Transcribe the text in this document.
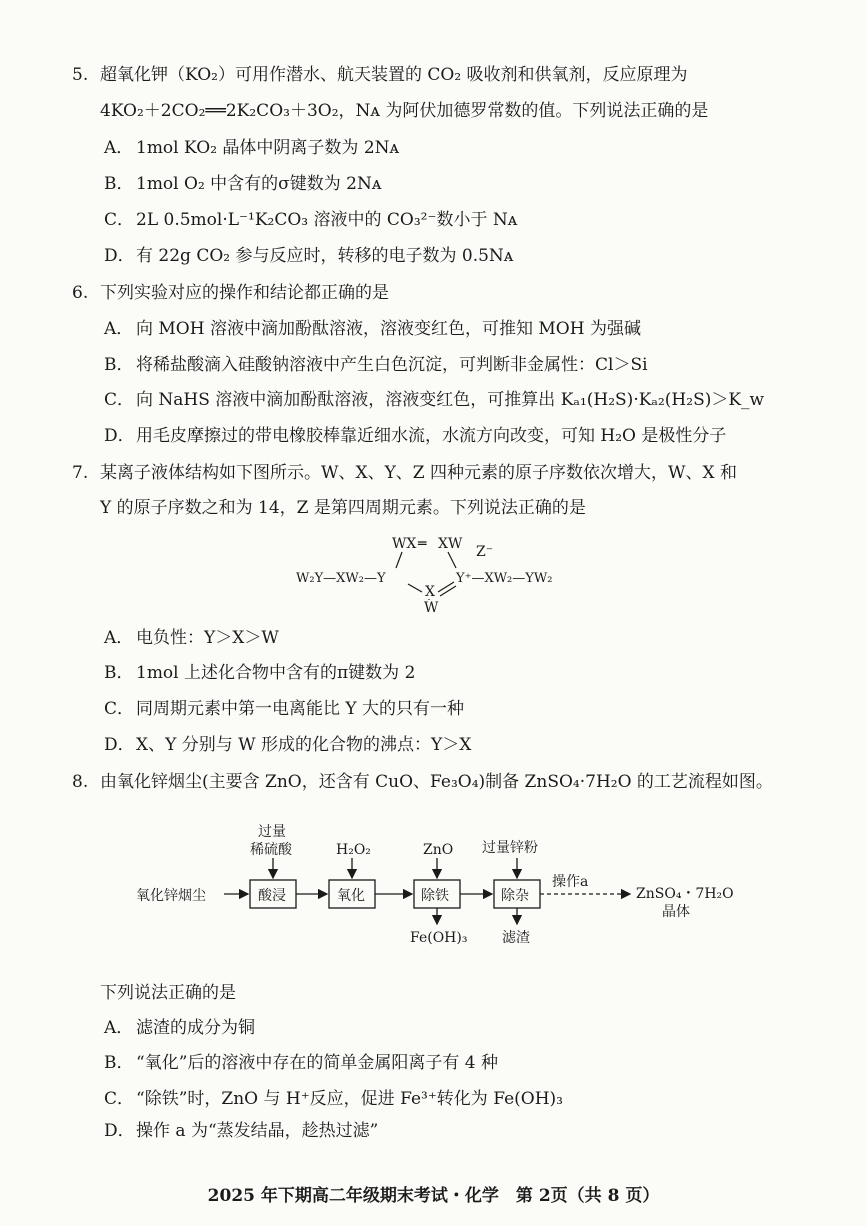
5. 超氧化钾（KO₂）可用作潜水、航天装置的 CO₂ 吸收剂和供氧剂，反应原理为
4KO₂＋2CO₂══2K₂CO₃＋3O₂，Nᴀ 为阿伏加德罗常数的值。下列说法正确的是
A． 1mol KO₂ 晶体中阴离子数为 2Nᴀ
B． 1mol O₂ 中含有的σ键数为 2Nᴀ
C． 2L 0.5mol·L⁻¹K₂CO₃ 溶液中的 CO₃²⁻数小于 Nᴀ
D．有 22g CO₂ 参与反应时，转移的电子数为 0.5Nᴀ
6. 下列实验对应的操作和结论都正确的是
A． 向 MOH 溶液中滴加酚酞溶液，溶液变红色，可推知 MOH 为强碱
B． 将稀盐酸滴入硅酸钠溶液中产生白色沉淀，可判断非金属性：Cl＞Si
C． 向 NaHS 溶液中滴加酚酞溶液，溶液变红色，可推算出 Kₐ₁(H₂S)·Kₐ₂(H₂S)＞K_w
D．用毛皮摩擦过的带电橡胶棒靠近细水流，水流方向改变，可知 H₂O 是极性分子
7. 某离子液体结构如下图所示。W、X、Y、Z 四种元素的原子序数依次增大，W、X 和
Y 的原子序数之和为 14，Z 是第四周期元素。下列说法正确的是
WX ═ XW Z⁻
W₂Y—XW₂—Y	Y⁺—XW₂—YW₂
X
W
A． 电负性：Y＞X＞W
B． 1mol 上述化合物中含有的π键数为 2
C． 同周期元素中第一电离能比 Y 大的只有一种
D．X、Y 分别与 W 形成的化合物的沸点：Y＞X
8. 由氧化锌烟尘(主要含 ZnO，还含有 CuO、Fe₃O₄)制备 ZnSO₄·7H₂O 的工艺流程如图。
氧化锌烟尘
过量
稀硫酸
酸浸
H₂O₂
氧化
ZnO
除铁
Fe(OH)₃
过量锌粉
除杂
滤渣
操作a
ZnSO₄・7H₂O
晶体
下列说法正确的是
A． 滤渣的成分为铜
B． “氧化”后的溶液中存在的简单金属阳离子有 4 种
C． “除铁”时，ZnO 与 H⁺反应，促进 Fe³⁺转化为 Fe(OH)₃
D．操作 a 为“蒸发结晶，趁热过滤”
2025 年下期高二年级期末考试・化学　第 2页（共 8 页）
